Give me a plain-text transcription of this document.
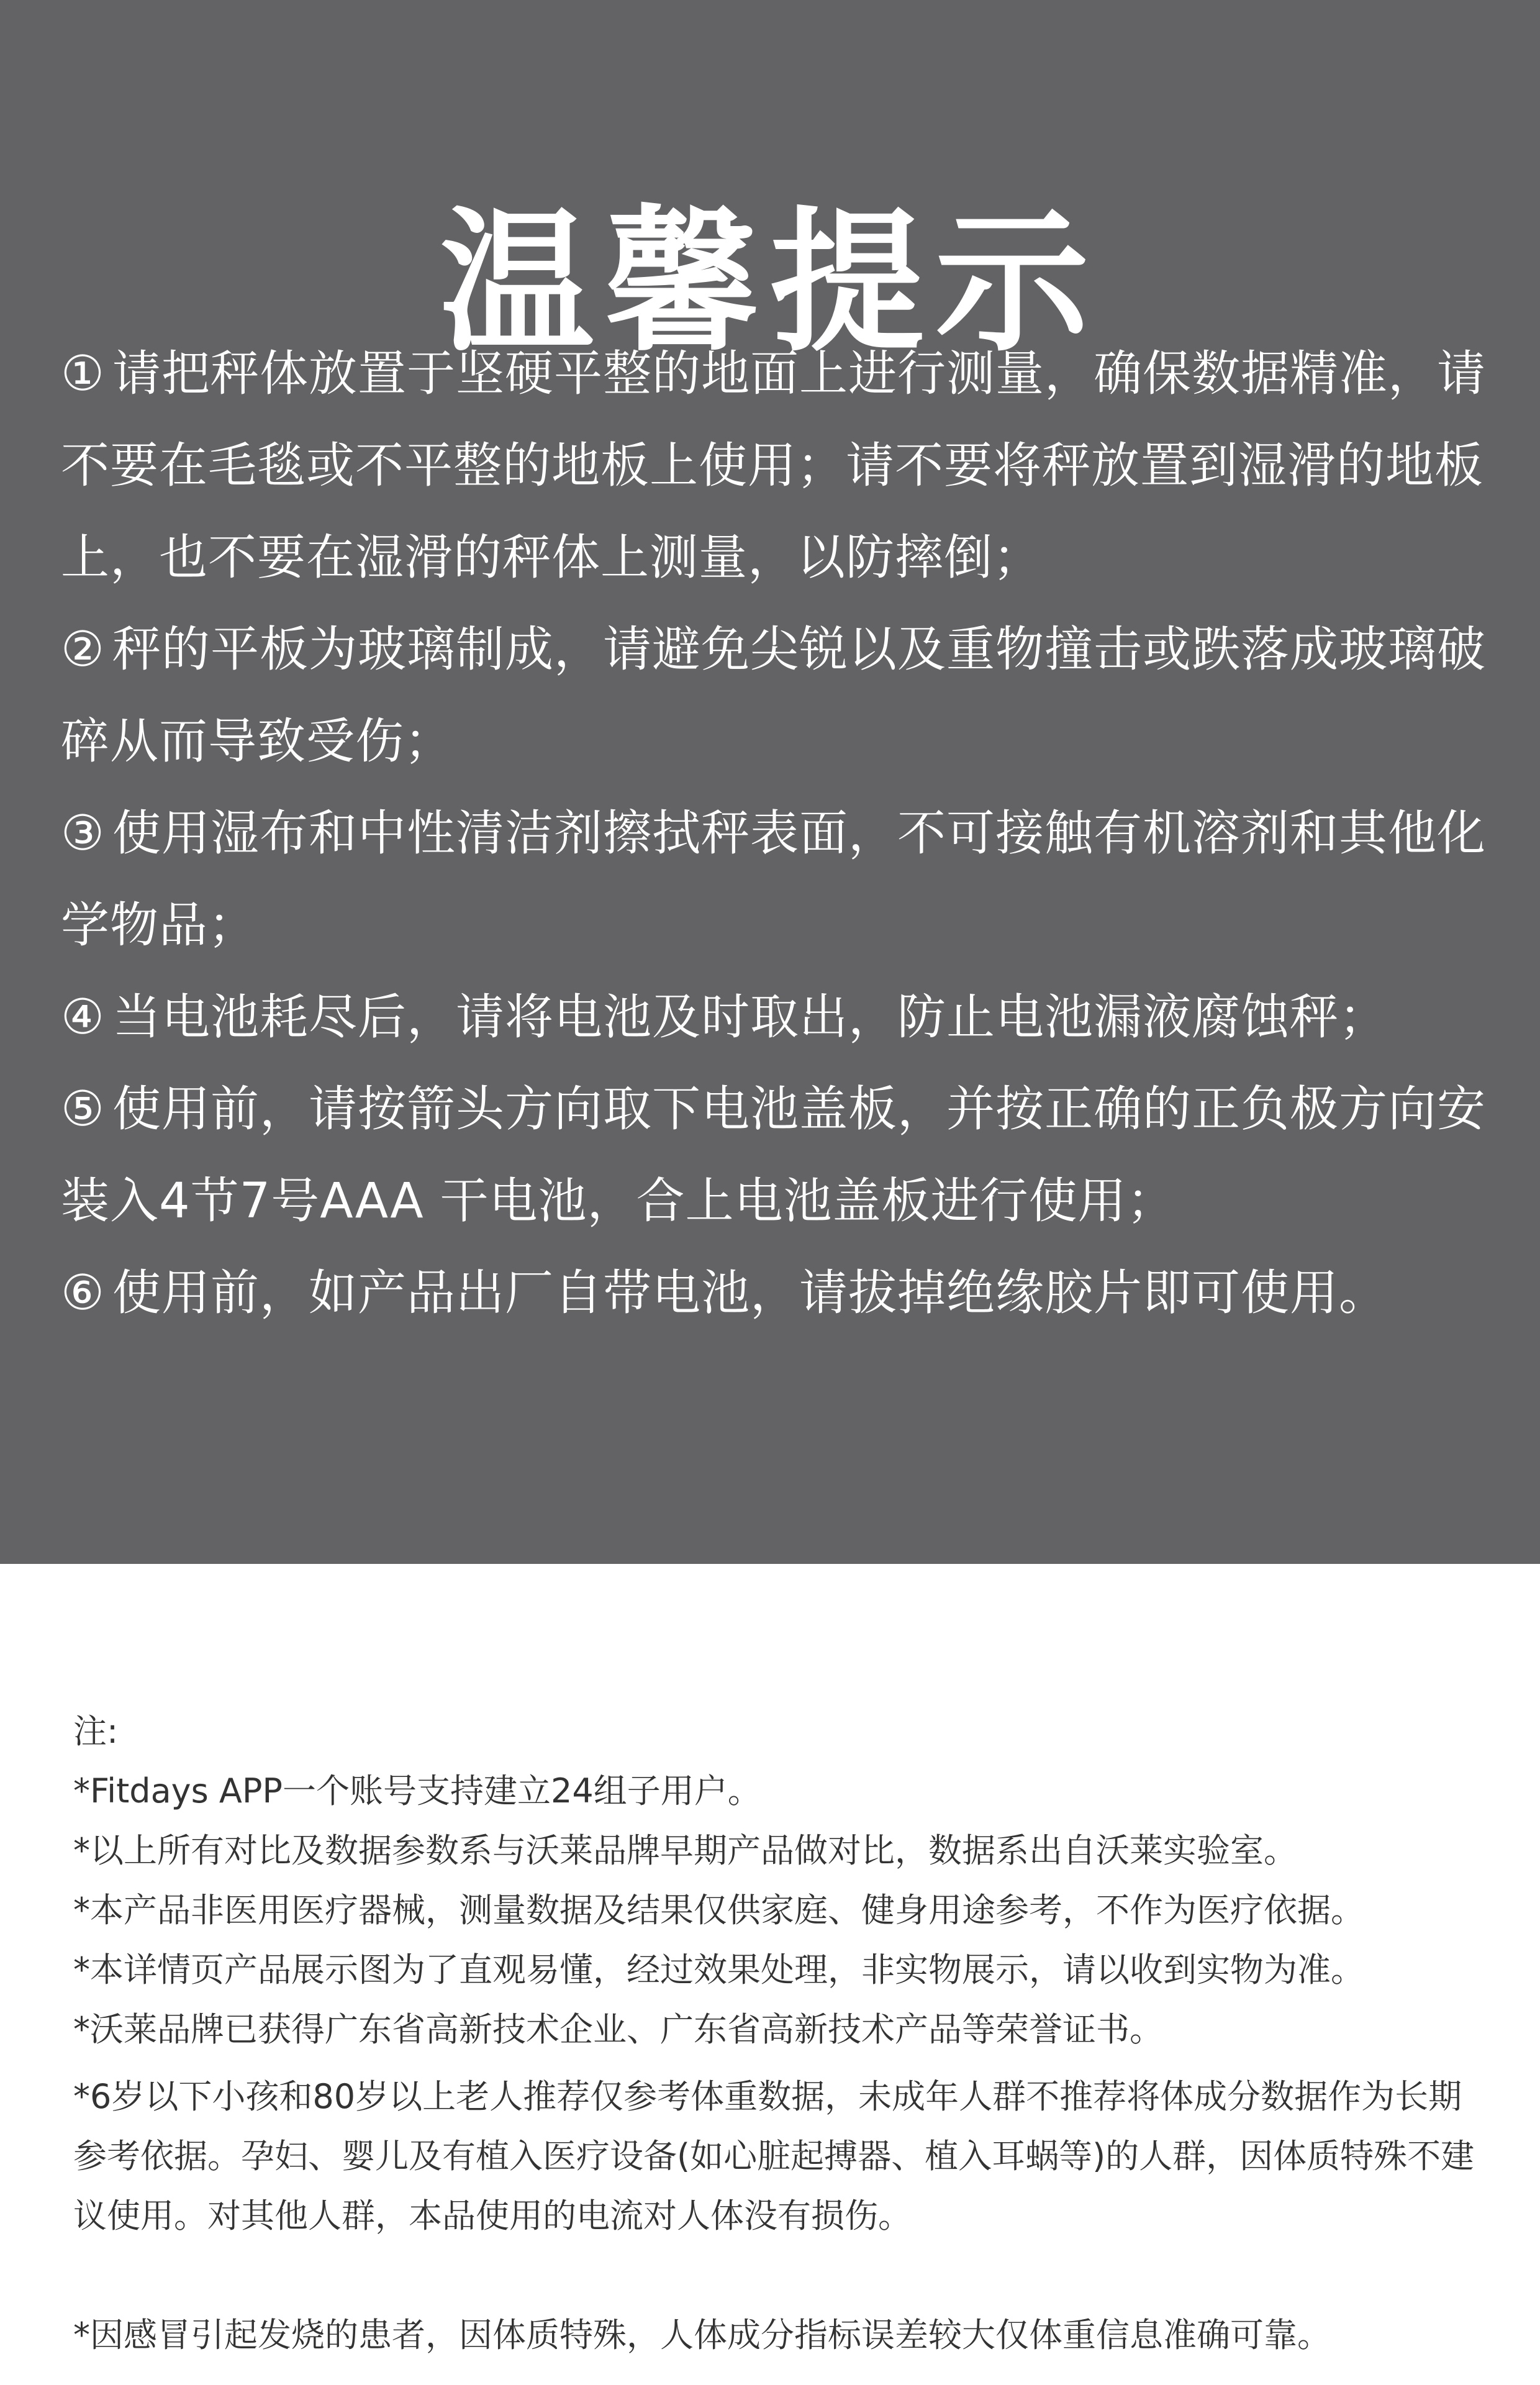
温馨提示
① 请把秤体放置于坚硬平整的地面上进行测量，确保数据精准，请不要在毛毯或不平整的地板上使用；请不要将秤放置到湿滑的地板上，也不要在湿滑的秤体上测量，以防摔倒；
② 秤的平板为玻璃制成，请避免尖锐以及重物撞击或跌落成玻璃破碎从而导致受伤；
③ 使用湿布和中性清洁剂擦拭秤表面，不可接触有机溶剂和其他化学物品；
④ 当电池耗尽后，请将电池及时取出，防止电池漏液腐蚀秤；
⑤ 使用前，请按箭头方向取下电池盖板，并按正确的正负极方向安装入4节7号AAA 干电池，合上电池盖板进行使用；
⑥ 使用前，如产品出厂自带电池，请拔掉绝缘胶片即可使用。

注:

*Fitdays APP一个账号支持建立24组子用户。

*以上所有对比及数据参数系与沃莱品牌早期产品做对比，数据系出自沃莱实验室。

*本产品非医用医疗器械，测量数据及结果仅供家庭、健身用途参考，不作为医疗依据。

*本详情页产品展示图为了直观易懂，经过效果处理，非实物展示，请以收到实物为准。

*沃莱品牌已获得广东省高新技术企业、广东省高新技术产品等荣誉证书。

*6岁以下小孩和80岁以上老人推荐仅参考体重数据，未成年人群不推荐将体成分数据作为长期参考依据。孕妇、婴儿及有植入医疗设备(如心脏起搏器、植入耳蜗等)的人群，因体质特殊不建议使用。对其他人群，本品使用的电流对人体没有损伤。

*因感冒引起发烧的患者，因体质特殊，人体成分指标误差较大仅体重信息准确可靠。
